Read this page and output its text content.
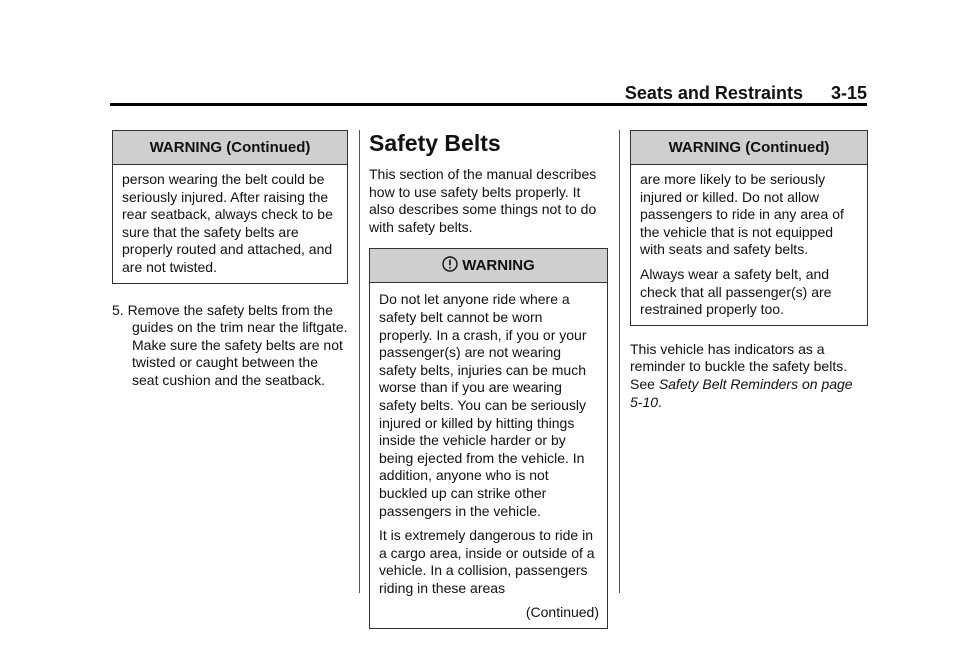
Seats and Restraints 3-15
WARNING (Continued)

person wearing the belt could be seriously injured. After raising the rear seatback, always check to be sure that the safety belts are properly routed and attached, and are not twisted.

5. Remove the safety belts from the guides on the trim near the liftgate. Make sure the safety belts are not twisted or caught between the seat cushion and the seatback.
Safety Belts

This section of the manual describes how to use safety belts properly. It also describes some things not to do with safety belts.

WARNING

Do not let anyone ride where a safety belt cannot be worn properly. In a crash, if you or your passenger(s) are not wearing safety belts, injuries can be much worse than if you are wearing safety belts. You can be seriously injured or killed by hitting things inside the vehicle harder or by being ejected from the vehicle. In addition, anyone who is not buckled up can strike other passengers in the vehicle.

It is extremely dangerous to ride in a cargo area, inside or outside of a vehicle. In a collision, passengers riding in these areas

(Continued)
WARNING (Continued)

are more likely to be seriously injured or killed. Do not allow passengers to ride in any area of the vehicle that is not equipped with seats and safety belts.

Always wear a safety belt, and check that all passenger(s) are restrained properly too.

This vehicle has indicators as a reminder to buckle the safety belts. See Safety Belt Reminders on page 5-10.
